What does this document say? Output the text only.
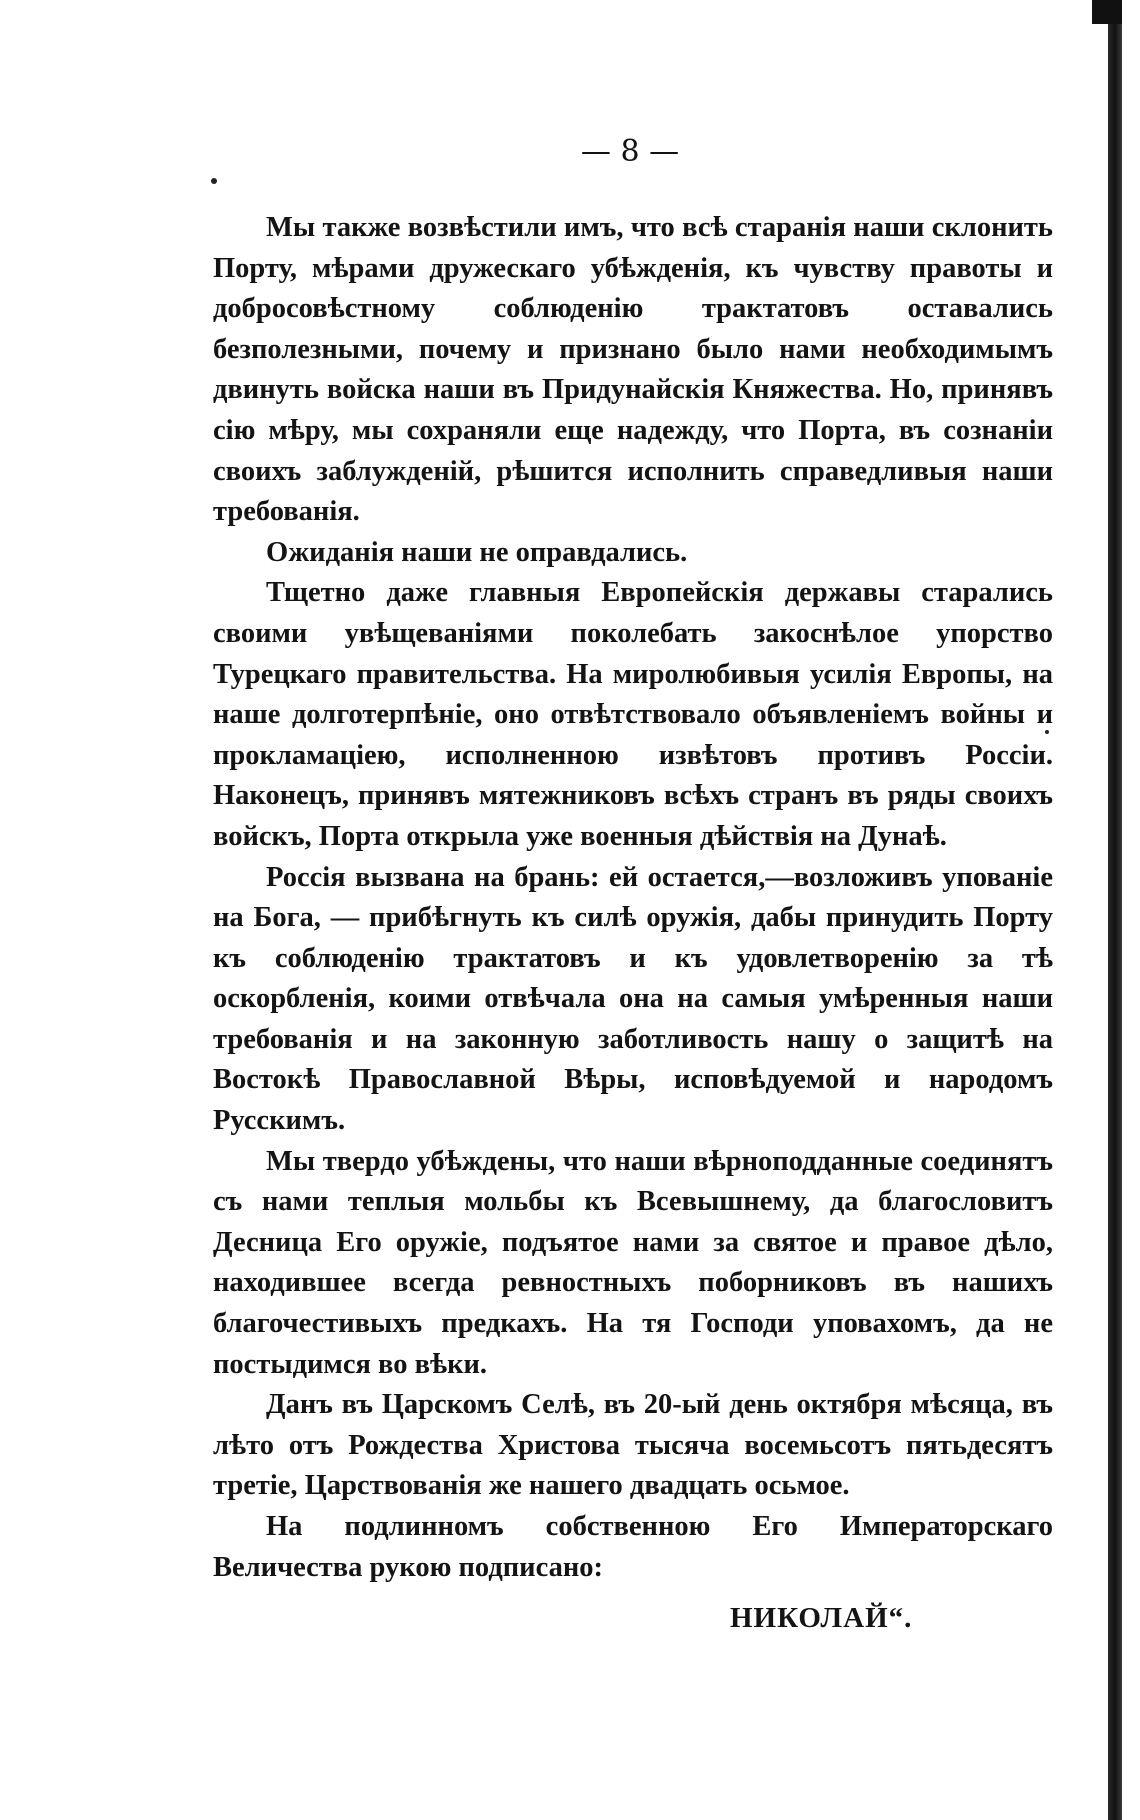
— 8 —

Мы также возвѣстили имъ, что всѣ старанія наши склонить Порту, мѣрами дружескаго убѣжденія, къ чувству правоты и добросовѣстному соблюденію трактатовъ оставались безполезными, почему и признано было нами необходимымъ двинуть войска наши въ Придунайскія Княжества. Но, принявъ сію мѣру, мы сохраняли еще надежду, что Порта, въ сознаніи своихъ заблужденій, рѣшится исполнить справедливыя наши требованія.

Ожиданія наши не оправдались.

Тщетно даже главныя Европейскія державы старались своими увѣщеваніями поколебать закоснѣлое упорство Турецкаго правительства. На миролюбивыя усилія Европы, на наше долготерпѣніе, оно отвѣтствовало объявленіемъ войны и прокламаціею, исполненною извѣтовъ противъ Россіи. Наконецъ, принявъ мятежниковъ всѣхъ странъ въ ряды своихъ войскъ, Порта открыла уже военныя дѣйствія на Дунаѣ.

Россія вызвана на брань: ей остается,—возложивъ упованіе на Бога, — прибѣгнуть къ силѣ оружія, дабы принудить Порту къ соблюденію трактатовъ и къ удовлетворенію за тѣ оскорбленія, коими отвѣчала она на самыя умѣренныя наши требованія и на законную заботливость нашу о защитѣ на Востокѣ Православной Вѣры, исповѣдуемой и народомъ Русскимъ.

Мы твердо убѣждены, что наши вѣрноподданные соединятъ съ нами теплыя мольбы къ Всевышнему, да благословитъ Десница Его оружіе, подъятое нами за святое и правое дѣло, находившее всегда ревностныхъ поборниковъ въ нашихъ благочестивыхъ предкахъ. На тя Господи уповахомъ, да не постыдимся во вѣки.

Данъ въ Царскомъ Селѣ, въ 20-ый день октября мѣсяца, въ лѣто отъ Рождества Христова тысяча восемьсотъ пятьдесятъ третіе, Царствованія же нашего двадцать осьмое.

На подлинномъ собственною Его Императорскаго Величества рукою подписано:

НИКОЛАЙ“.
